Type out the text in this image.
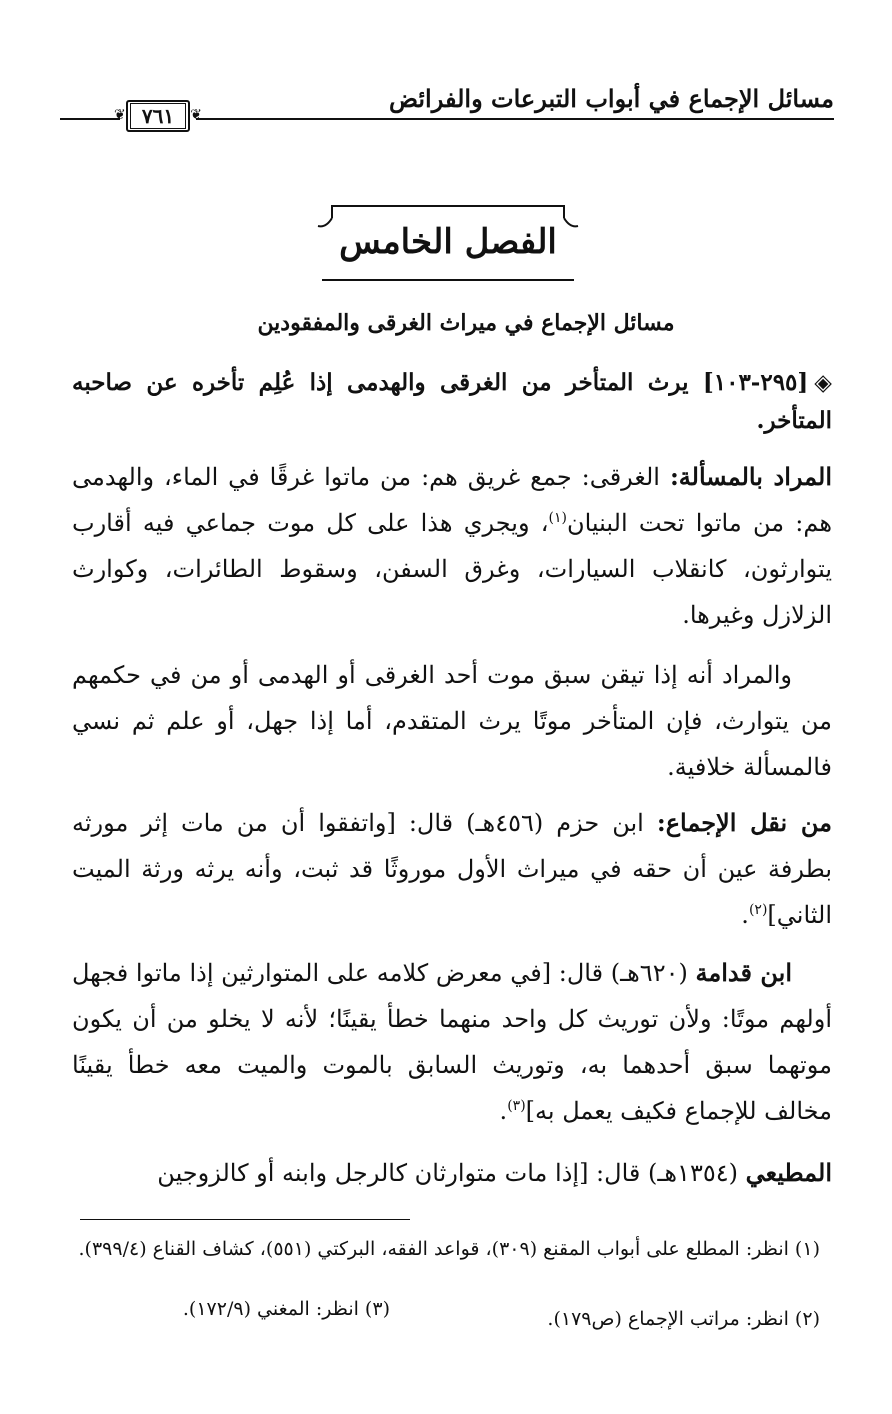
مسائل الإجماع في أبواب التبرعات والفرائض
❦	❦
٧٦١
الفصل الخامس
مسائل الإجماع في ميراث الغرقى والمفقودين
◈[٢٩٥-١٠٣] يرث المتأخر من الغرقى والهدمى إذا عُلِم تأخره عن صاحبه المتأخر.
المراد بالمسألة: الغرقى: جمع غريق هم: من ماتوا غرقًا في الماء، والهدمى هم: من ماتوا تحت البنيان$^{(١)}$، ويجري هذا على كل موت جماعي فيه أقارب يتوارثون، كانقلاب السيارات، وغرق السفن، وسقوط الطائرات، وكوارث الزلازل وغيرها.
والمراد أنه إذا تيقن سبق موت أحد الغرقى أو الهدمى أو من في حكمهم من يتوارث، فإن المتأخر موتًا يرث المتقدم، أما إذا جهل، أو علم ثم نسي فالمسألة خلافية.
من نقل الإجماع: ابن حزم (٤٥٦هـ) قال: [واتفقوا أن من مات إثر مورثه بطرفة عين أن حقه في ميراث الأول موروثًا قد ثبت، وأنه يرثه ورثة الميت الثاني]$^{(٢)}$.
ابن قدامة (٦٢٠هـ) قال: [في معرض كلامه على المتوارثين إذا ماتوا فجهل أولهم موتًا: ولأن توريث كل واحد منهما خطأ يقينًا؛ لأنه لا يخلو من أن يكون موتهما سبق أحدهما به، وتوريث السابق بالموت والميت معه خطأ يقينًا مخالف للإجماع فكيف يعمل به]$^{(٣)}$.
المطيعي (١٣٥٤هـ) قال: [إذا مات متوارثان كالرجل وابنه أو كالزوجين
(١) انظر: المطلع على أبواب المقنع (٣٠٩)، قواعد الفقه، البركتي (٥٥١)، كشاف القناع (٣٩٩/٤).
(٢) انظر: مراتب الإجماع (ص١٧٩).
(٣) انظر: المغني (١٧٢/٩).
